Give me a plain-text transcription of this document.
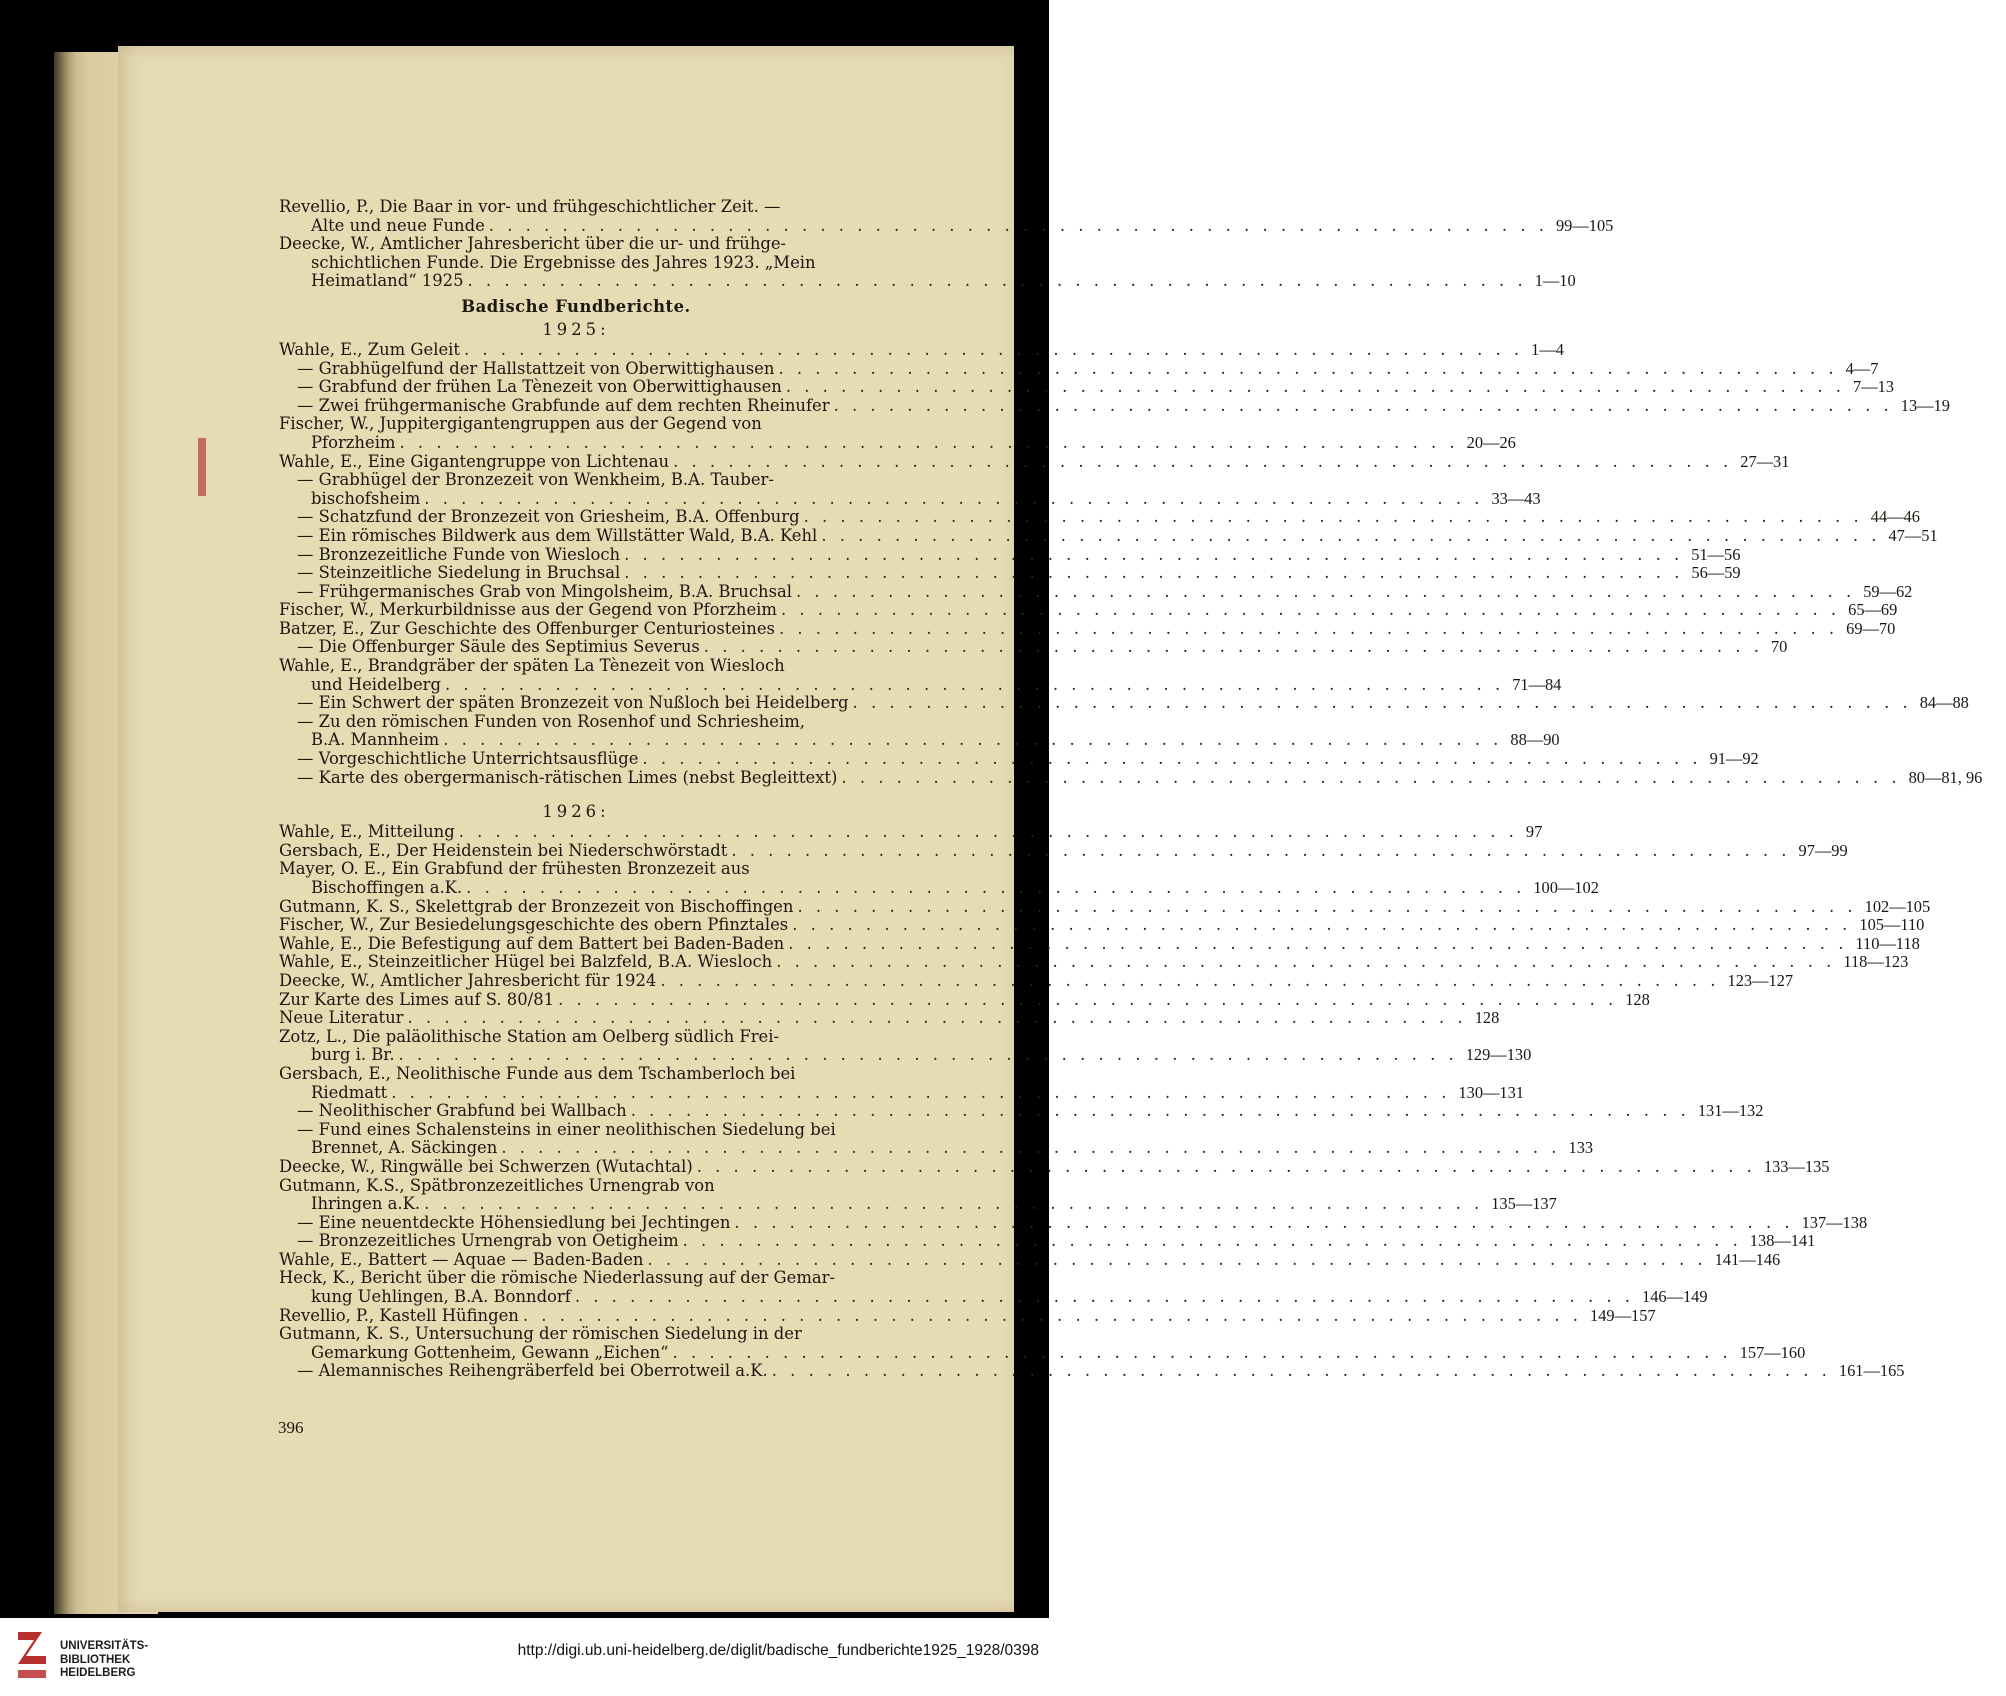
Revellio, P., Die Baar in vor- und frühgeschichtlicher Zeit. —
Alte und neue Funde . . .	99—105
Deecke, W., Amtlicher Jahresbericht über die ur- und frühge-
schichtlichen Funde. Die Ergebnisse des Jahres 1923. „Mein
Heimatland“ 1925 . . .	1—10
Badische Fundberichte.
1925:
Wahle, E., Zum Geleit . . .	1—4
— Grabhügelfund der Hallstattzeit von Oberwittighausen . . .	4—7
— Grabfund der frühen La Tènezeit von Oberwittighausen . . .	7—13
— Zwei frühgermanische Grabfunde auf dem rechten Rheinufer . . .	13—19
Fischer, W., Juppitergigantengruppen aus der Gegend von
Pforzheim . . .	20—26
Wahle, E., Eine Gigantengruppe von Lichtenau . . .	27—31
— Grabhügel der Bronzezeit von Wenkheim, B.A. Tauber-
bischofsheim . . .	33—43
— Schatzfund der Bronzezeit von Griesheim, B.A. Offenburg . . .	44—46
— Ein römisches Bildwerk aus dem Willstätter Wald, B.A. Kehl . . .	47—51
— Bronzezeitliche Funde von Wiesloch . . .	51—56
— Steinzeitliche Siedelung in Bruchsal . . .	56—59
— Frühgermanisches Grab von Mingolsheim, B.A. Bruchsal . . .	59—62
Fischer, W., Merkurbildnisse aus der Gegend von Pforzheim . . .	65—69
Batzer, E., Zur Geschichte des Offenburger Centuriosteines . . .	69—70
— Die Offenburger Säule des Septimius Severus . . .	70
Wahle, E., Brandgräber der späten La Tènezeit von Wiesloch
und Heidelberg . . .	71—84
— Ein Schwert der späten Bronzezeit von Nußloch bei Heidelberg . . .	84—88
— Zu den römischen Funden von Rosenhof und Schriesheim,
B.A. Mannheim . . .	88—90
— Vorgeschichtliche Unterrichtsausflüge . . .	91—92
— Karte des obergermanisch-rätischen Limes (nebst Begleittext) . . .	80—81, 96
1926:
Wahle, E., Mitteilung . . .	97
Gersbach, E., Der Heidenstein bei Niederschwörstadt . . .	97—99
Mayer, O. E., Ein Grabfund der frühesten Bronzezeit aus
Bischoffingen a.K. . . .	100—102
Gutmann, K. S., Skelettgrab der Bronzezeit von Bischoffingen . . .	102—105
Fischer, W., Zur Besiedelungsgeschichte des obern Pfinztales . . .	105—110
Wahle, E., Die Befestigung auf dem Battert bei Baden-Baden . . .	110—118
Wahle, E., Steinzeitlicher Hügel bei Balzfeld, B.A. Wiesloch . . .	118—123
Deecke, W., Amtlicher Jahresbericht für 1924 . . .	123—127
Zur Karte des Limes auf S. 80/81 . . .	128
Neue Literatur . . .	128
Zotz, L., Die paläolithische Station am Oelberg südlich Frei-
burg i. Br. . . .	129—130
Gersbach, E., Neolithische Funde aus dem Tschamberloch bei
Riedmatt . . .	130—131
— Neolithischer Grabfund bei Wallbach . . .	131—132
— Fund eines Schalensteins in einer neolithischen Siedelung bei
Brennet, A. Säckingen . . .	133
Deecke, W., Ringwälle bei Schwerzen (Wutachtal) . . .	133—135
Gutmann, K.S., Spätbronzezeitliches Urnengrab von
Ihringen a.K. . . .	135—137
— Eine neuentdeckte Höhensiedlung bei Jechtingen . . .	137—138
— Bronzezeitliches Urnengrab von Oetigheim . . .	138—141
Wahle, E., Battert — Aquae — Baden-Baden . . .	141—146
Heck, K., Bericht über die römische Niederlassung auf der Gemar-
kung Uehlingen, B.A. Bonndorf . . .	146—149
Revellio, P., Kastell Hüfingen . . .	149—157
Gutmann, K. S., Untersuchung der römischen Siedelung in der
Gemarkung Gottenheim, Gewann „Eichen“ . . .	157—160
— Alemannisches Reihengräberfeld bei Oberrotweil a.K. . . .	161—165
396
UNIVERSITÄTS-
BIBLIOTHEK
HEIDELBERG
http://digi.ub.uni-heidelberg.de/diglit/badische_fundberichte1925_1928/0398
